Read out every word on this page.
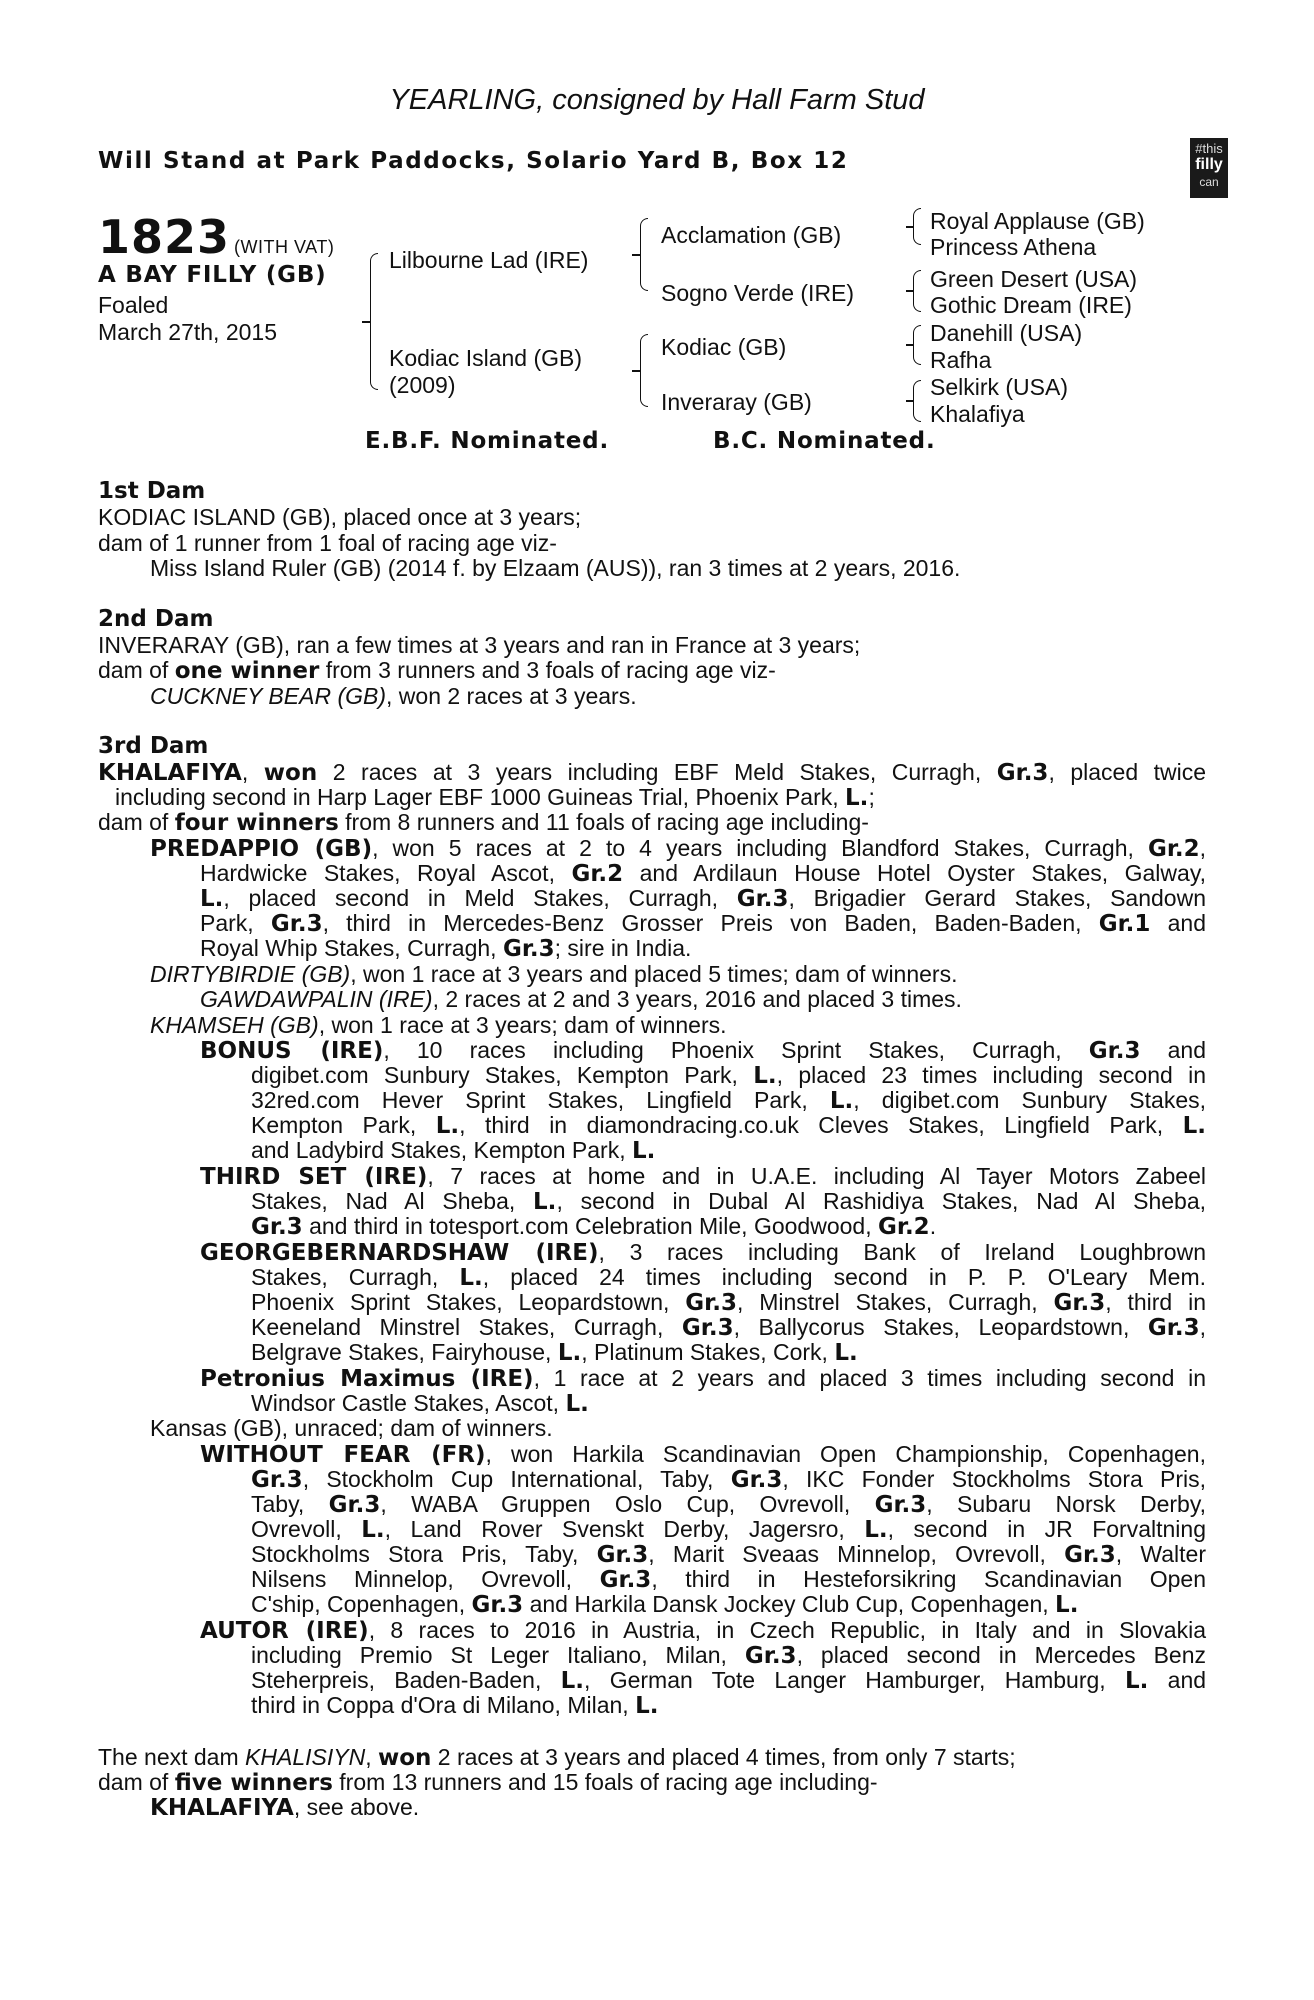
YEARLING, consigned by Hall Farm Stud
Will Stand at Park Paddocks, Solario Yard B, Box 12	#this
filly
can
1823 (WITH VAT)
A BAY FILLY (GB)
Foaled
March 27th, 2015
Lilbourne Lad (IRE)
Kodiac Island (GB)
(2009)
Acclamation (GB)
Sogno Verde (IRE)
Kodiac (GB)
Inveraray (GB)
Royal Applause (GB)
Princess Athena
Green Desert (USA)
Gothic Dream (IRE)
Danehill (USA)
Rafha
Selkirk (USA)
Khalafiya
E.B.F. Nominated.	B.C. Nominated.
1st Dam
KODIAC ISLAND (GB), placed once at 3 years;
dam of 1 runner from 1 foal of racing age viz-
Miss Island Ruler (GB) (2014 f. by Elzaam (AUS)), ran 3 times at 2 years, 2016.
2nd Dam
INVERARAY (GB), ran a few times at 3 years and ran in France at 3 years;
dam of one winner from 3 runners and 3 foals of racing age viz-
CUCKNEY BEAR (GB), won 2 races at 3 years.
3rd Dam
KHALAFIYA, won 2 races at 3 years including EBF Meld Stakes, Curragh, Gr.3, placed twice
including second in Harp Lager EBF 1000 Guineas Trial, Phoenix Park, L.;
dam of four winners from 8 runners and 11 foals of racing age including-
PREDAPPIO (GB), won 5 races at 2 to 4 years including Blandford Stakes, Curragh, Gr.2,
Hardwicke Stakes, Royal Ascot, Gr.2 and Ardilaun House Hotel Oyster Stakes, Galway,
L., placed second in Meld Stakes, Curragh, Gr.3, Brigadier Gerard Stakes, Sandown
Park, Gr.3, third in Mercedes-Benz Grosser Preis von Baden, Baden-Baden, Gr.1 and
Royal Whip Stakes, Curragh, Gr.3; sire in India.
DIRTYBIRDIE (GB), won 1 race at 3 years and placed 5 times; dam of winners.
GAWDAWPALIN (IRE), 2 races at 2 and 3 years, 2016 and placed 3 times.
KHAMSEH (GB), won 1 race at 3 years; dam of winners.
BONUS (IRE), 10 races including Phoenix Sprint Stakes, Curragh, Gr.3 and
digibet.com Sunbury Stakes, Kempton Park, L., placed 23 times including second in
32red.com Hever Sprint Stakes, Lingfield Park, L., digibet.com Sunbury Stakes,
Kempton Park, L., third in diamondracing.co.uk Cleves Stakes, Lingfield Park, L.
and Ladybird Stakes, Kempton Park, L.
THIRD SET (IRE), 7 races at home and in U.A.E. including Al Tayer Motors Zabeel
Stakes, Nad Al Sheba, L., second in Dubal Al Rashidiya Stakes, Nad Al Sheba,
Gr.3 and third in totesport.com Celebration Mile, Goodwood, Gr.2.
GEORGEBERNARDSHAW (IRE), 3 races including Bank of Ireland Loughbrown
Stakes, Curragh, L., placed 24 times including second in P. P. O'Leary Mem.
Phoenix Sprint Stakes, Leopardstown, Gr.3, Minstrel Stakes, Curragh, Gr.3, third in
Keeneland Minstrel Stakes, Curragh, Gr.3, Ballycorus Stakes, Leopardstown, Gr.3,
Belgrave Stakes, Fairyhouse, L., Platinum Stakes, Cork, L.
Petronius Maximus (IRE), 1 race at 2 years and placed 3 times including second in
Windsor Castle Stakes, Ascot, L.
Kansas (GB), unraced; dam of winners.
WITHOUT FEAR (FR), won Harkila Scandinavian Open Championship, Copenhagen,
Gr.3, Stockholm Cup International, Taby, Gr.3, IKC Fonder Stockholms Stora Pris,
Taby, Gr.3, WABA Gruppen Oslo Cup, Ovrevoll, Gr.3, Subaru Norsk Derby,
Ovrevoll, L., Land Rover Svenskt Derby, Jagersro, L., second in JR Forvaltning
Stockholms Stora Pris, Taby, Gr.3, Marit Sveaas Minnelop, Ovrevoll, Gr.3, Walter
Nilsens Minnelop, Ovrevoll, Gr.3, third in Hesteforsikring Scandinavian Open
C'ship, Copenhagen, Gr.3 and Harkila Dansk Jockey Club Cup, Copenhagen, L.
AUTOR (IRE), 8 races to 2016 in Austria, in Czech Republic, in Italy and in Slovakia
including Premio St Leger Italiano, Milan, Gr.3, placed second in Mercedes Benz
Steherpreis, Baden-Baden, L., German Tote Langer Hamburger, Hamburg, L. and
third in Coppa d'Ora di Milano, Milan, L.
The next dam KHALISIYN, won 2 races at 3 years and placed 4 times, from only 7 starts;
dam of five winners from 13 runners and 15 foals of racing age including-
KHALAFIYA, see above.
